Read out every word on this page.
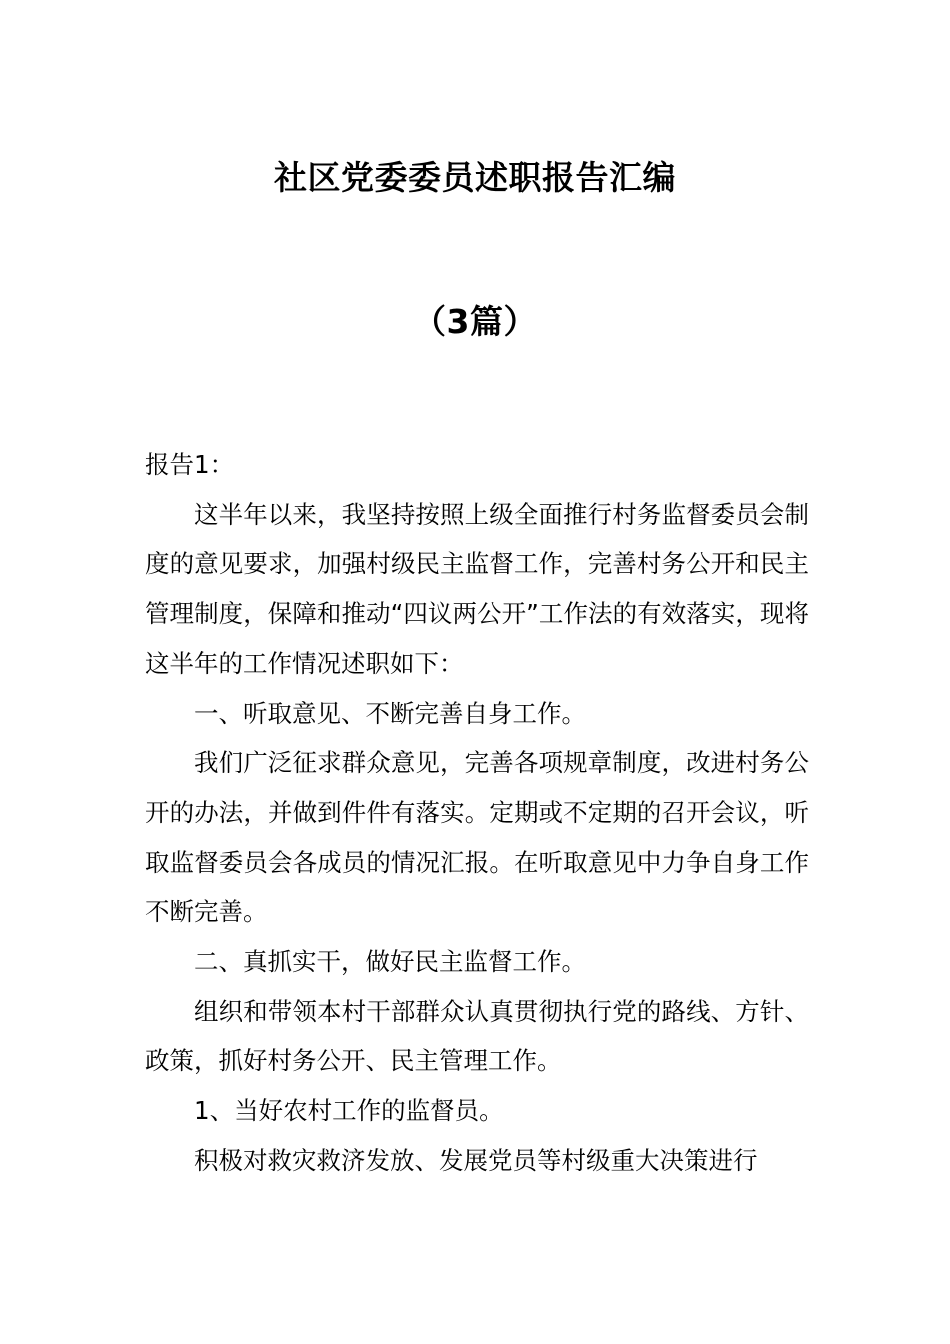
社区党委委员述职报告汇编
（3篇）

报告1：

这半年以来，我坚持按照上级全面推行村务监督委员会制度的意见要求，加强村级民主监督工作，完善村务公开和民主管理制度，保障和推动“四议两公开”工作法的有效落实，现将这半年的工作情况述职如下：

一、听取意见、不断完善自身工作。

我们广泛征求群众意见，完善各项规章制度，改进村务公开的办法，并做到件件有落实。定期或不定期的召开会议，听取监督委员会各成员的情况汇报。在听取意见中力争自身工作不断完善。

二、真抓实干，做好民主监督工作。

组织和带领本村干部群众认真贯彻执行党的路线、方针、政策，抓好村务公开、民主管理工作。

1、当好农村工作的监督员。

积极对救灾救济发放、发展党员等村级重大决策进行
